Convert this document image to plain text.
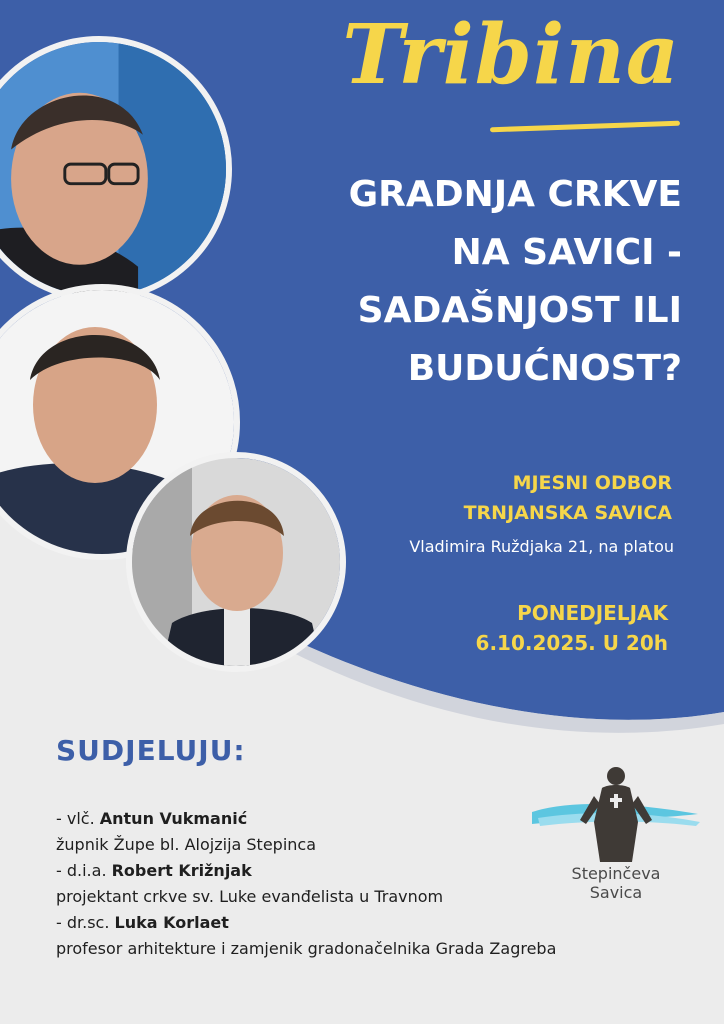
Tribina
GRADNJA CRKVE
NA SAVICI -
SADAŠNJOST ILI
BUDUĆNOST?
MJESNI ODBOR
TRNJANSKA SAVICA
Vladimira Ruždjaka 21, na platou
PONEDJELJAK
6.10.2025. U 20h
SUDJELUJU:
- vlč. Antun Vukmanić
župnik Župe bl. Alojzija Stepinca
- d.i.a. Robert Križnjak
projektant crkve sv. Luke evanđelista u Travnom
- dr.sc. Luka Korlaet
profesor arhitekture i zamjenik gradonačelnika Grada Zagreba
Stepinčeva
Savica
